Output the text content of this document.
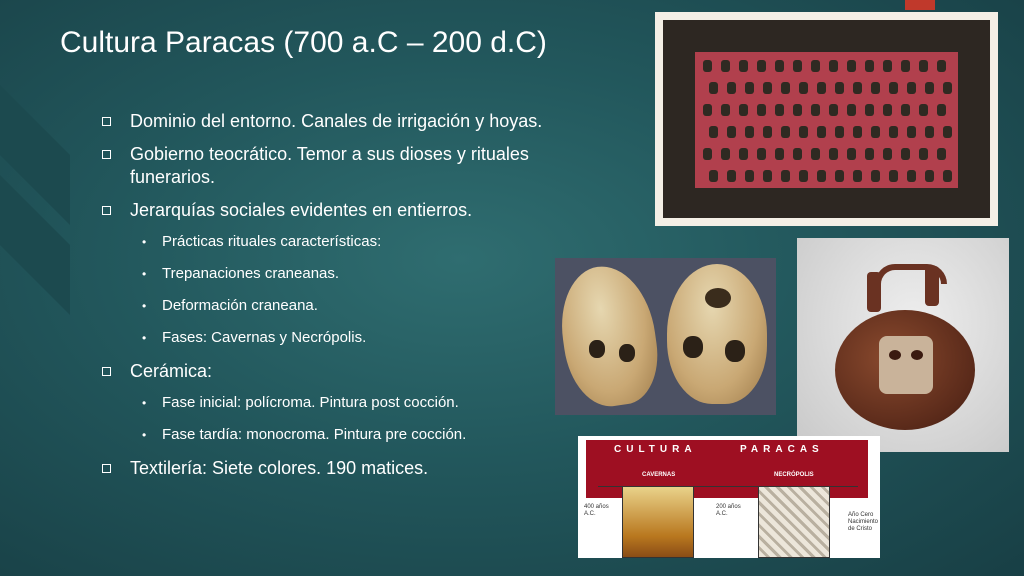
Cultura Paracas (700 a.C – 200 d.C)
Dominio del entorno. Canales de irrigación y hoyas.
Gobierno teocrático. Temor a sus dioses y rituales funerarios.
Jerarquías sociales evidentes en entierros.
• Prácticas rituales características:
• Trepanaciones craneanas.
• Deformación craneana.
• Fases: Cavernas y Necrópolis.
Cerámica:
• Fase inicial: polícroma. Pintura post cocción.
• Fase tardía: monocroma. Pintura pre cocción.
Textilería: Siete colores. 190 matices.
CULTURA	PARACAS
CAVERNAS	NECRÓPOLIS
400 años A.C.
200 años A.C.	Año Cero Nacimiento de Cristo
